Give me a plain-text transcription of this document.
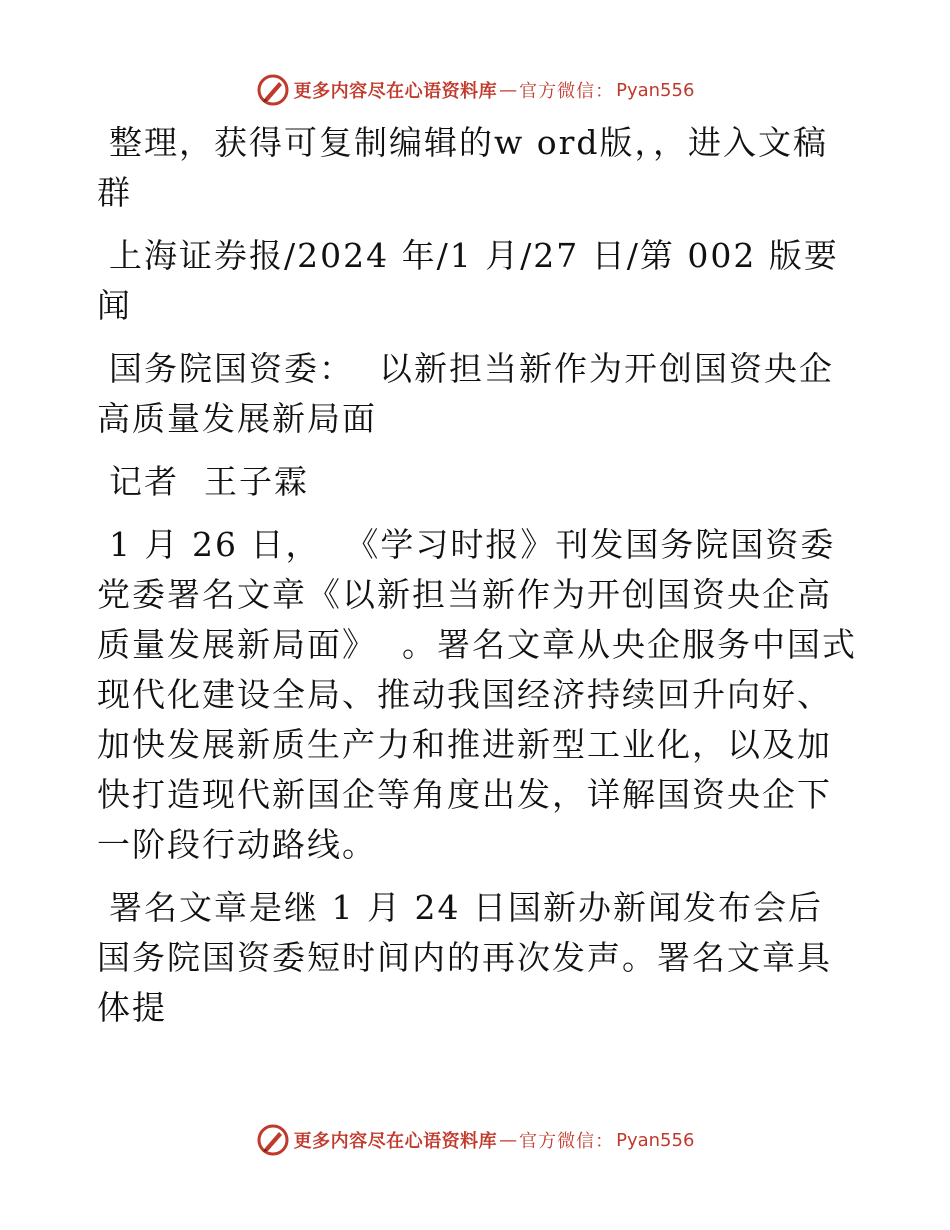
更多内容尽在心语资料库 — 官方微信： Pyan556

整理，获得可复制编辑的w ord版，，进入文稿群

上海证券报/2024 年/1 月/27 日/第 002 版要闻

国务院国资委：  以新担当新作为开创国资央企高质量发展新局面

记者  王子霖

1 月 26 日，  《学习时报》刊发国务院国资委党委署名文章《以新担当新作为开创国资央企高质量发展新局面》  。署名文章从央企服务中国式现代化建设全局、推动我国经济持续回升向好、加快发展新质生产力和推进新型工业化，以及加快打造现代新国企等角度出发，详解国资央企下一阶段行动路线。

署名文章是继 1 月 24 日国新办新闻发布会后国务院国资委短时间内的再次发声。署名文章具体提

更多内容尽在心语资料库 — 官方微信： Pyan556
